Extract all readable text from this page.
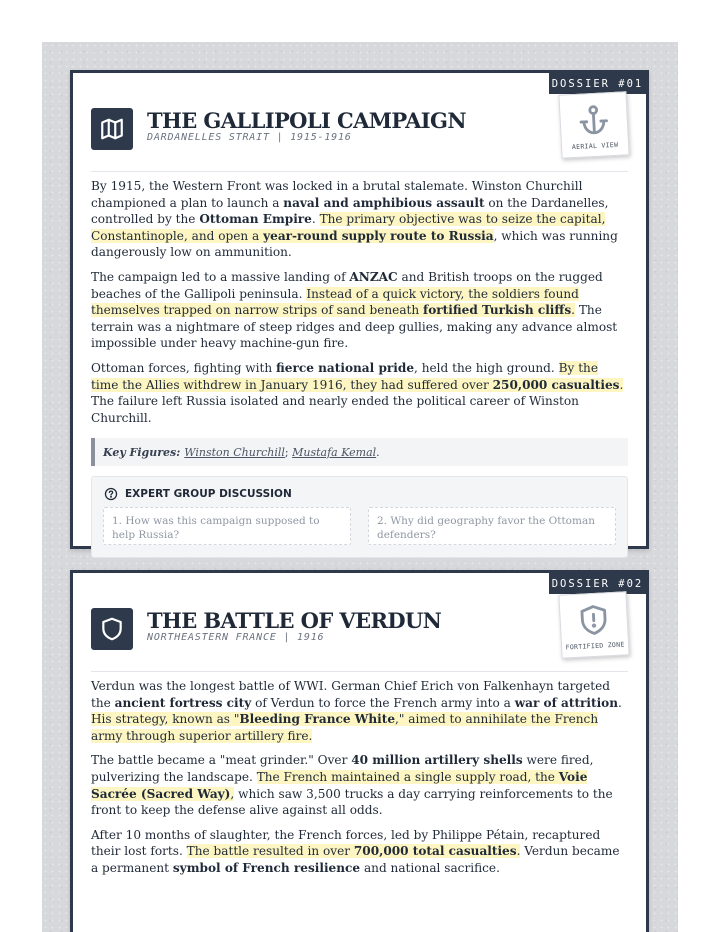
DOSSIER #01
THE GALLIPOLI CAMPAIGN
DARDANELLES STRAIT | 1915-1916
AERIAL VIEW

By 1915, the Western Front was locked in a brutal stalemate. Winston Churchill championed a plan to launch a naval and amphibious assault on the Dardanelles, controlled by the Ottoman Empire. The primary objective was to seize the capital, Constantinople, and open a year-round supply route to Russia, which was running dangerously low on ammunition.

The campaign led to a massive landing of ANZAC and British troops on the rugged beaches of the Gallipoli peninsula. Instead of a quick victory, the soldiers found themselves trapped on narrow strips of sand beneath fortified Turkish cliffs. The terrain was a nightmare of steep ridges and deep gullies, making any advance almost impossible under heavy machine-gun fire.

Ottoman forces, fighting with fierce national pride, held the high ground. By the time the Allies withdrew in January 1916, they had suffered over 250,000 casualties. The failure left Russia isolated and nearly ended the political career of Winston Churchill.

Key Figures: Winston Churchill ; Mustafa Kemal .
EXPERT GROUP DISCUSSION
1. How was this campaign supposed to help Russia?
2. Why did geography favor the Ottoman defenders?
DOSSIER #02
THE BATTLE OF VERDUN
NORTHEASTERN FRANCE | 1916
FORTIFIED ZONE

Verdun was the longest battle of WWI. German Chief Erich von Falkenhayn targeted the ancient fortress city of Verdun to force the French army into a war of attrition. His strategy, known as "Bleeding France White," aimed to annihilate the French army through superior artillery fire.

The battle became a "meat grinder." Over 40 million artillery shells were fired, pulverizing the landscape. The French maintained a single supply road, the Voie Sacrée (Sacred Way), which saw 3,500 trucks a day carrying reinforcements to the front to keep the defense alive against all odds.

After 10 months of slaughter, the French forces, led by Philippe Pétain, recaptured their lost forts. The battle resulted in over 700,000 total casualties. Verdun became a permanent symbol of French resilience and national sacrifice.
